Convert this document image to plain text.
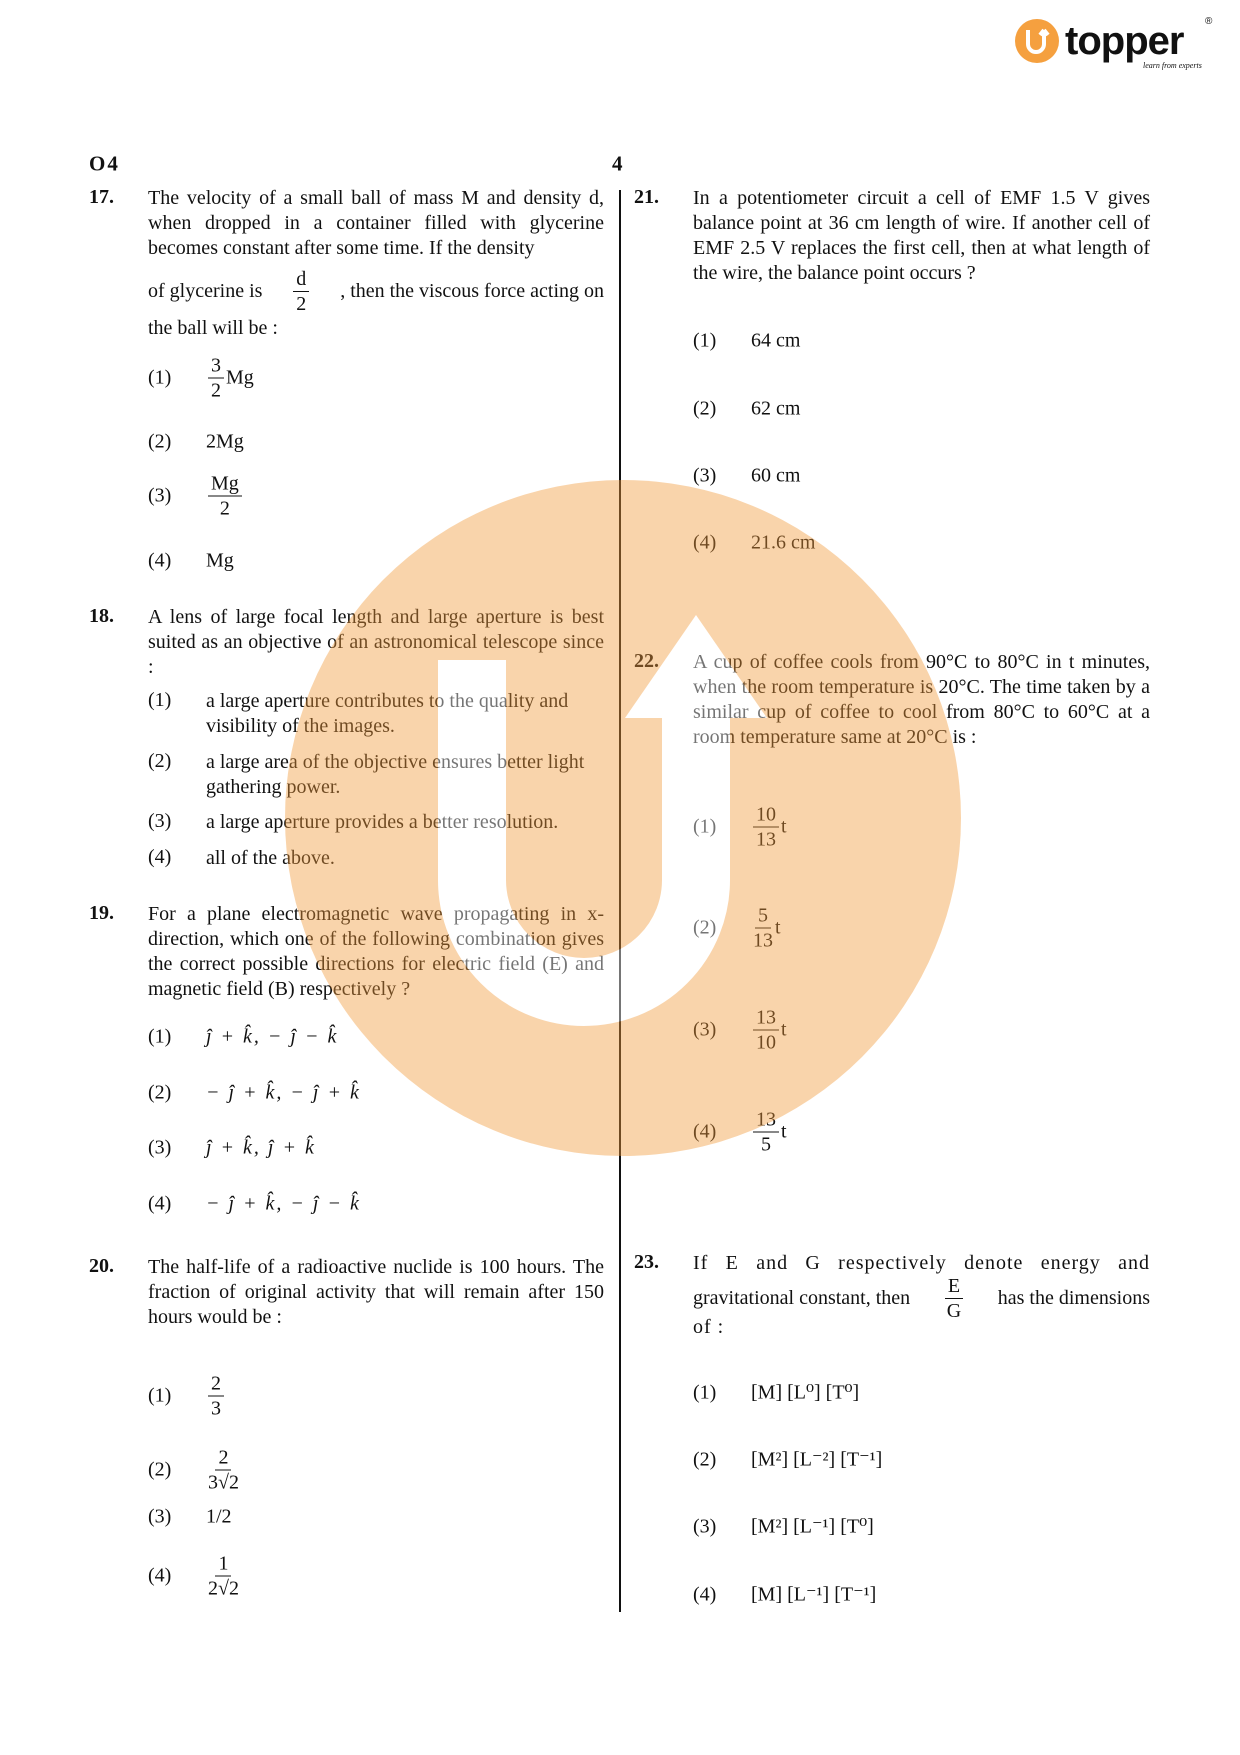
topper ®
learn from experts
O4	4
17. The velocity of a small ball of mass M and density d, when dropped in a container filled with glycerine becomes constant after some time. If the density
of glycerine is $\frac{d}{2}$ , then the viscous force acting on
the ball will be :
(1)	$\frac{3}{2}$ Mg
(2)	2Mg
(3)	$\frac{Mg}{2}$
(4)	Mg
18. A lens of large focal length and large aperture is best suited as an objective of an astronomical telescope since :
(1)	a large aperture contributes to the quality and visibility of the images.
(2)	a large area of the objective ensures better light gathering power.
(3)	a large aperture provides a better resolution.
(4)	all of the above.
19. For a plane electromagnetic wave propagating in x-direction, which one of the following combination gives the correct possible directions for electric field (E) and magnetic field (B) respectively ?
(1)	ĵ + k̂, − ĵ − k̂
(2)	− ĵ + k̂, − ĵ + k̂
(3)	ĵ + k̂, ĵ + k̂
(4)	− ĵ + k̂, − ĵ − k̂
20. The half-life of a radioactive nuclide is 100 hours. The fraction of original activity that will remain after 150 hours would be :
(1)	$\frac{2}{3}$
(2)	$\frac{2}{3√2}$
(3)	1/2
(4)	$\frac{1}{2√2}$
21. In a potentiometer circuit a cell of EMF 1.5 V gives balance point at 36 cm length of wire. If another cell of EMF 2.5 V replaces the first cell, then at what length of the wire, the balance point occurs ?
(1)	64 cm
(2)	62 cm
(3)	60 cm
(4)	21.6 cm
22. A cup of coffee cools from 90°C to 80°C in t minutes, when the room temperature is 20°C. The time taken by a similar cup of coffee to cool from 80°C to 60°C at a room temperature same at 20°C is :
(1)	$\frac{10}{13}$ t
(2)	$\frac{5}{13}$ t
(3)	$\frac{13}{10}$ t
(4)	$\frac{13}{5}$ t
23. If E and G respectively denote energy and
gravitational constant, then $\frac{E}{G}$ has the dimensions
of :
(1)	[M] [L⁰] [T⁰]
(2)	[M²] [L⁻²] [T⁻¹]
(3)	[M²] [L⁻¹] [T⁰]
(4)	[M] [L⁻¹] [T⁻¹]
